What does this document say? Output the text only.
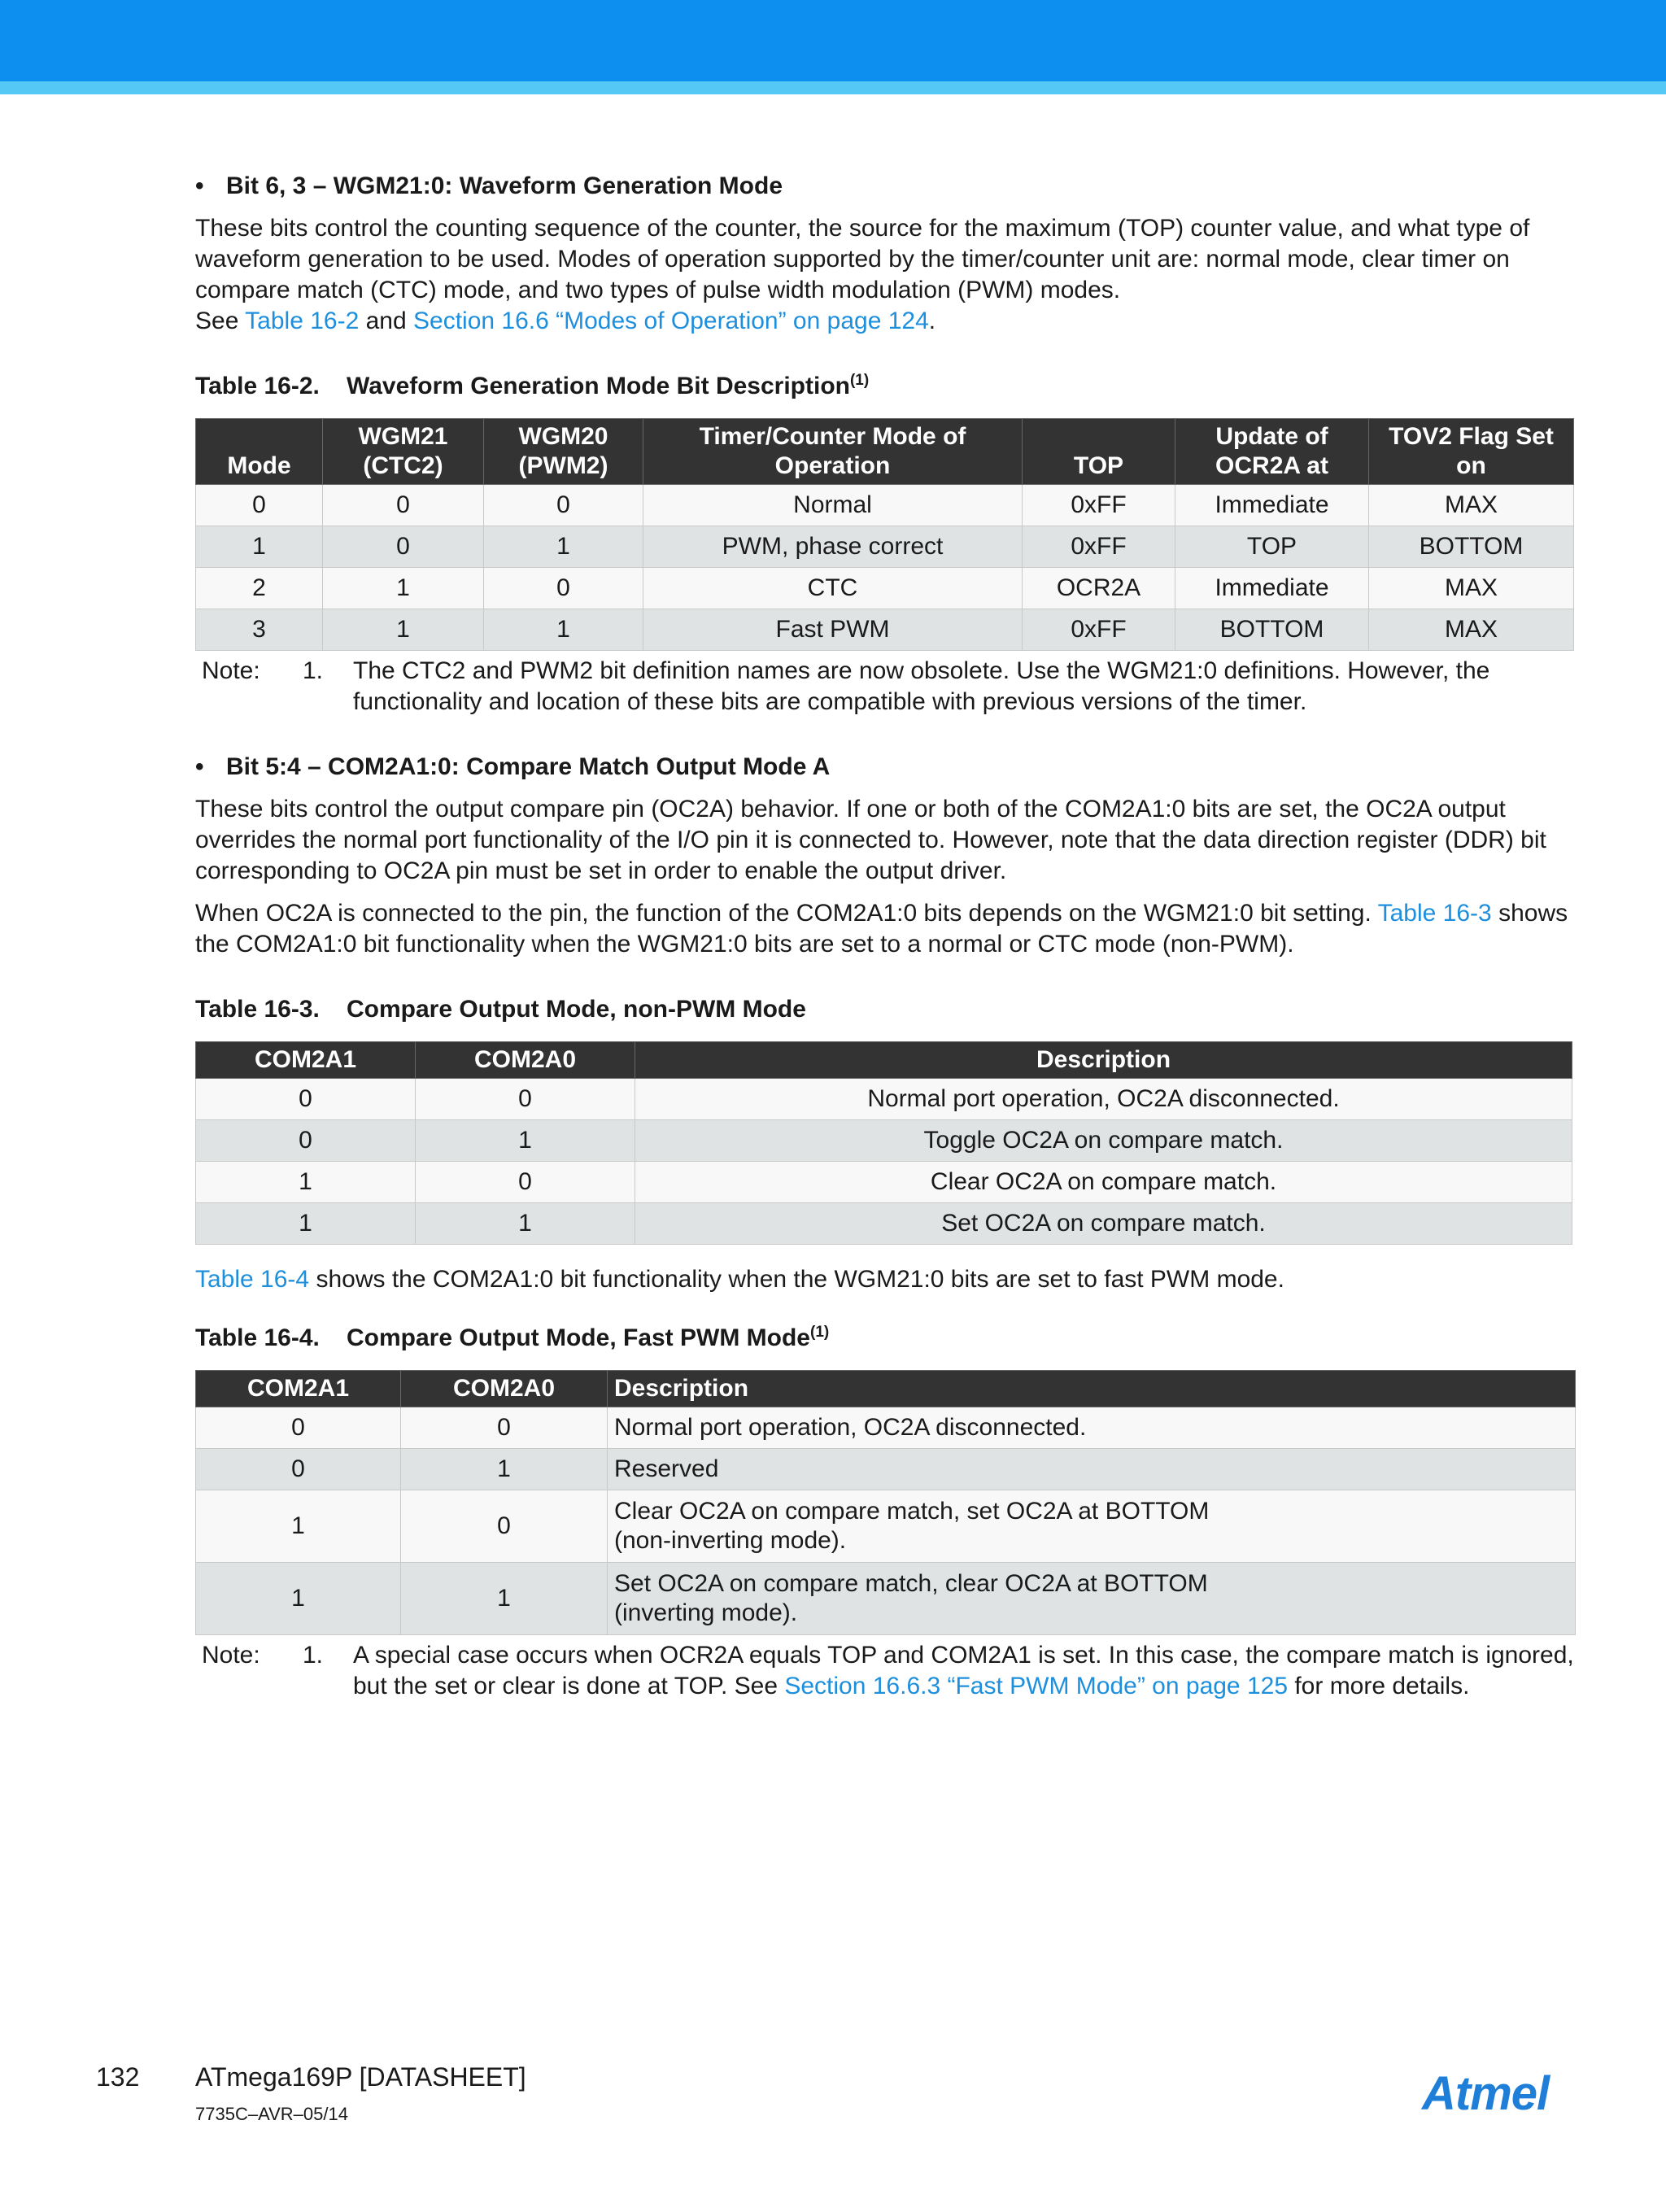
• Bit 6, 3 – WGM21:0: Waveform Generation Mode

These bits control the counting sequence of the counter, the source for the maximum (TOP) counter value, and what type of waveform generation to be used. Modes of operation supported by the timer/counter unit are: normal mode, clear timer on compare match (CTC) mode, and two types of pulse width modulation (PWM) modes.
See Table 16-2 and Section 16.6 “Modes of Operation” on page 124.

Table 16-2. Waveform Generation Mode Bit Description$^{(1)}$
Mode	WGM21 (CTC2)	WGM20 (PWM2)	Timer/Counter Mode of Operation	TOP	Update of OCR2A at	TOV2 Flag Set on
0	0	0	Normal	0xFF	Immediate	MAX
1	0	1	PWM, phase correct	0xFF	TOP	BOTTOM
2	1	0	CTC	OCR2A	Immediate	MAX
3	1	1	Fast PWM	0xFF	BOTTOM	MAX
Note: 1. The CTC2 and PWM2 bit definition names are now obsolete. Use the WGM21:0 definitions. However, the functionality and location of these bits are compatible with previous versions of the timer.
• Bit 5:4 – COM2A1:0: Compare Match Output Mode A

These bits control the output compare pin (OC2A) behavior. If one or both of the COM2A1:0 bits are set, the OC2A output overrides the normal port functionality of the I/O pin it is connected to. However, note that the data direction register (DDR) bit corresponding to OC2A pin must be set in order to enable the output driver.

When OC2A is connected to the pin, the function of the COM2A1:0 bits depends on the WGM21:0 bit setting. Table 16-3 shows the COM2A1:0 bit functionality when the WGM21:0 bits are set to a normal or CTC mode (non-PWM).

Table 16-3. Compare Output Mode, non-PWM Mode
COM2A1	COM2A0	Description
0	0	Normal port operation, OC2A disconnected.
0	1	Toggle OC2A on compare match.
1	0	Clear OC2A on compare match.
1	1	Set OC2A on compare match.

Table 16-4 shows the COM2A1:0 bit functionality when the WGM21:0 bits are set to fast PWM mode.

Table 16-4. Compare Output Mode, Fast PWM Mode$^{(1)}$
COM2A1	COM2A0	Description
0	0	Normal port operation, OC2A disconnected.
0	1	Reserved
1	0	Clear OC2A on compare match, set OC2A at BOTTOM
(non-inverting mode).
1	1	Set OC2A on compare match, clear OC2A at BOTTOM
(inverting mode).
Note: 1. A special case occurs when OCR2A equals TOP and COM2A1 is set. In this case, the compare match is ignored, but the set or clear is done at TOP. See Section 16.6.3 “Fast PWM Mode” on page 125 for more details.
132 ATmega169P [DATASHEET]
7735C–AVR–05/14	Atmel
